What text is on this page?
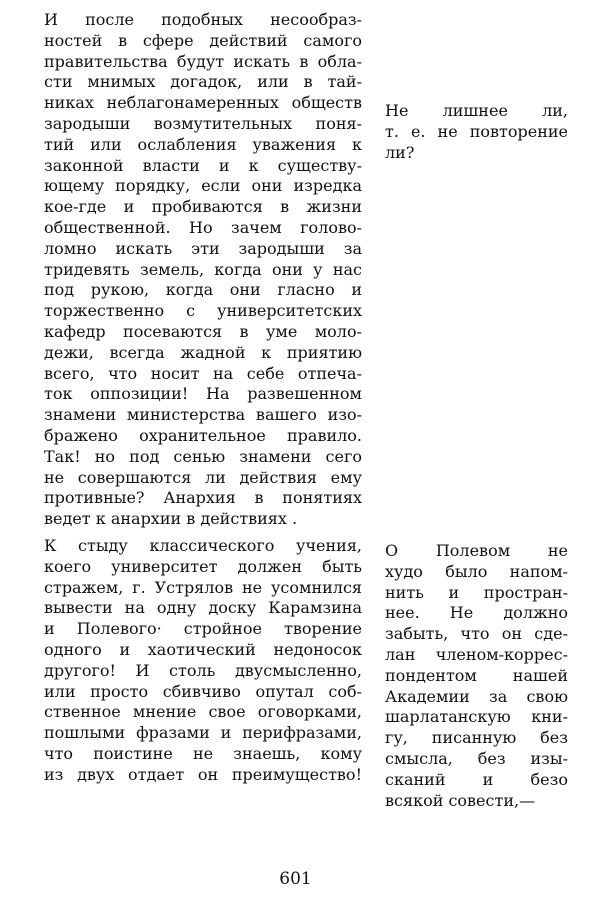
И после подобных несообраз-
ностей в сфере действий самого
правительства будут искать в обла-
сти мнимых догадок, или в тай-
никах неблагонамеренных обществ
зародыши возмутительных поня-
тий или ослабления уважения к
законной власти и к существу-
ющему порядку, если они изредка
кое-где и пробиваются в жизни
общественной. Но зачем голово-
ломно искать эти зародыши за
тридевять земель, когда они у нас
под рукою, когда они гласно и
торжественно с университетских
кафедр посеваются в уме моло-
дежи, всегда жадной к приятию
всего, что носит на себе отпеча-
ток оппозиции! На развешенном
знамени министерства вашего изо-
бражено охранительное правило.
Так! но под сенью знамени сего
не совершаются ли действия ему
противные? Анархия в понятиях
ведет к анархии в действиях .
К стыду классического учения,
коего университет должен быть
стражем, г. Устрялов не усомнился
вывести на одну доску Карамзина
и Полевого· стройное творение
одного и хаотический недоносок
другого! И столь двусмысленно,
или просто сбивчиво опутал соб-
ственное мнение свое оговорками,
пошлыми фразами и перифразами,
что поистине не знаешь, кому
из двух отдает он преимущество!
Не лишнее ли,
т. е. не повторение
ли?
О Полевом не
худо было напом-
нить и простран-
нее. Не должно
забыть, что он сде-
лан членом-коррес-
пондентом нашей
Академии за свою
шарлатанскую кни-
гу, писанную без
смысла, без изы-
сканий и безо
всякой совести,—
601
